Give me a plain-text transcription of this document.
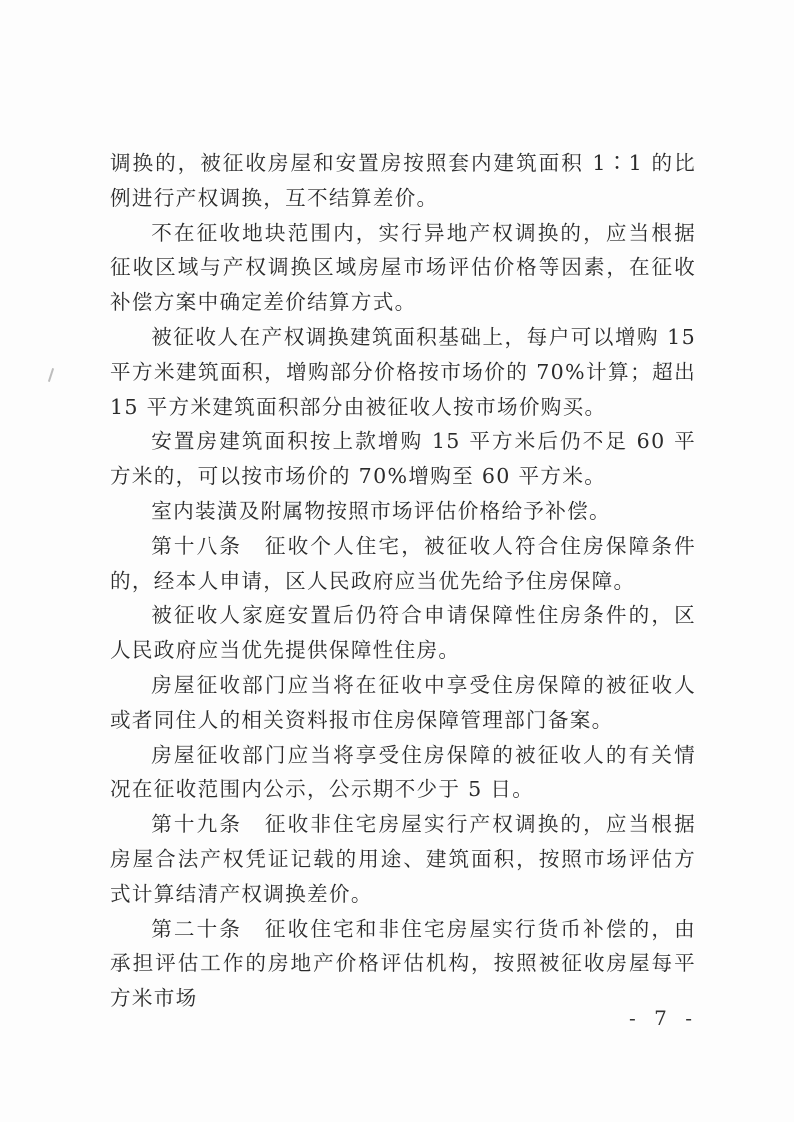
调换的，被征收房屋和安置房按照套内建筑面积 1∶1 的比例进行产权调换，互不结算差价。

不在征收地块范围内，实行异地产权调换的，应当根据征收区域与产权调换区域房屋市场评估价格等因素，在征收补偿方案中确定差价结算方式。

被征收人在产权调换建筑面积基础上，每户可以增购 15 平方米建筑面积，增购部分价格按市场价的 70%计算；超出 15 平方米建筑面积部分由被征收人按市场价购买。

安置房建筑面积按上款增购 15 平方米后仍不足 60 平方米的，可以按市场价的 70%增购至 60 平方米。

室内装潢及附属物按照市场评估价格给予补偿。

第十八条　征收个人住宅，被征收人符合住房保障条件的，经本人申请，区人民政府应当优先给予住房保障。

被征收人家庭安置后仍符合申请保障性住房条件的，区人民政府应当优先提供保障性住房。

房屋征收部门应当将在征收中享受住房保障的被征收人或者同住人的相关资料报市住房保障管理部门备案。

房屋征收部门应当将享受住房保障的被征收人的有关情况在征收范围内公示，公示期不少于 5 日。

第十九条　征收非住宅房屋实行产权调换的，应当根据房屋合法产权凭证记载的用途、建筑面积，按照市场评估方式计算结清产权调换差价。

第二十条　征收住宅和非住宅房屋实行货币补偿的，由承担评估工作的房地产价格评估机构，按照被征收房屋每平方米市场

- 7 -
